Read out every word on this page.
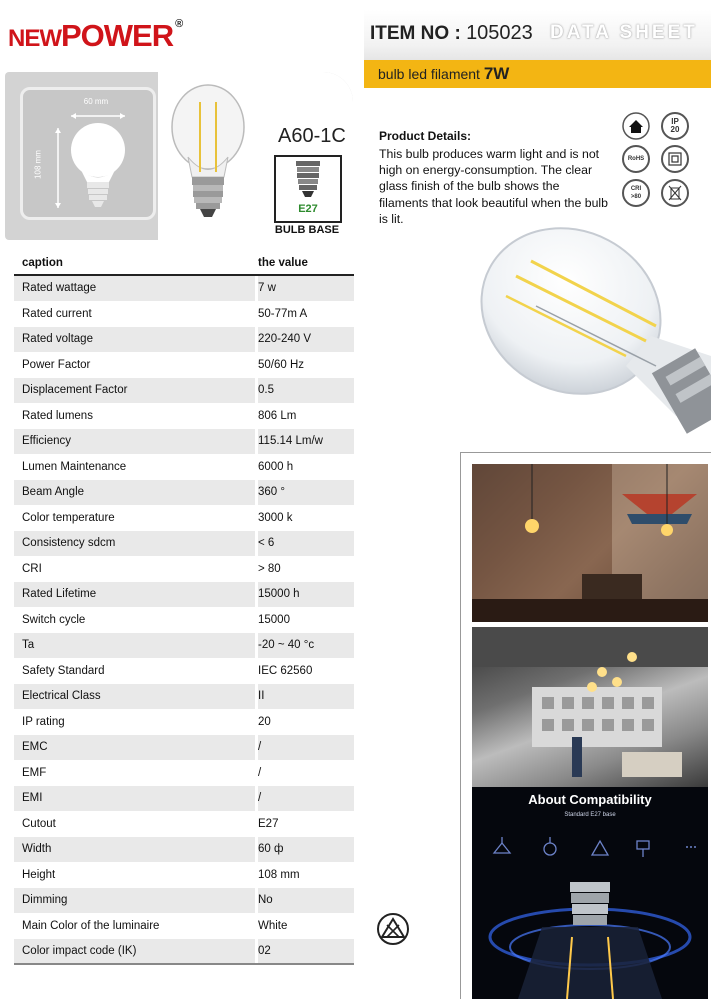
NEWPOWER ®	ITEM NO : 105023 DATA SHEET
bulb led filament 7W
60 mm
108 mm
A60-1C
E27
BULB BASE
caption	the value
Rated wattage	7 w
Rated current	50-77m A
Rated voltage	220-240 V
Power Factor	50/60 Hz
Displacement Factor	0.5
Rated lumens	806 Lm
Efficiency	115.14 Lm/w
Lumen Maintenance	6000 h
Beam Angle	360 °
Color temperature	3000 k
Consistency sdcm	< 6
CRI	> 80
Rated Lifetime	15000 h
Switch cycle	15000
Ta	-20 ~ 40 °c
Safety Standard	IEC 62560
Electrical Class	II
IP rating	20
EMC	/
EMF	/
EMI	/
Cutout	E27
Width	60 ф
Height	108 mm
Dimming	No
Main Color of the luminaire	White
Color impact code (IK)	02
Product Details:
This bulb produces warm light and is not high on energy-consumption. The clear glass finish of the bulb shows the filaments that look beautiful when the bulb is lit.
IP
20
RoHS
CRI
>80
About Compatibility
Standard E27 base
